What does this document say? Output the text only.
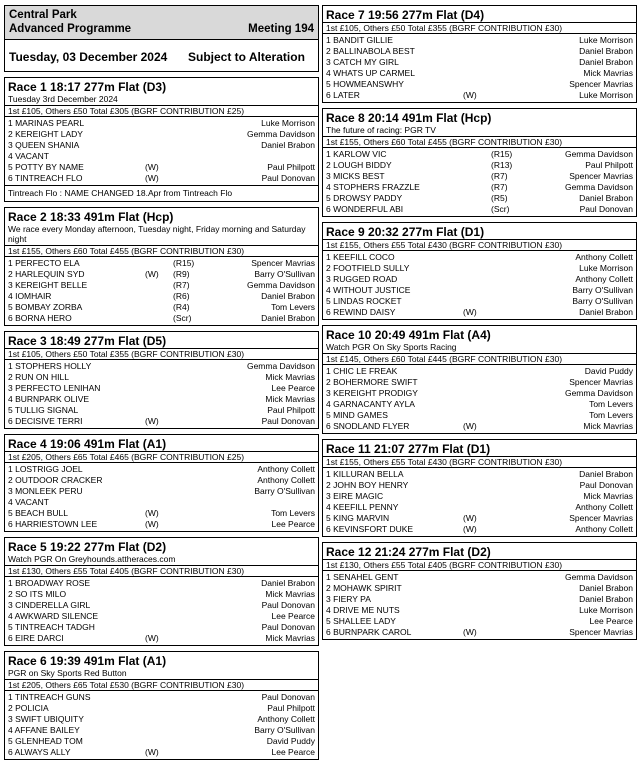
Central Park
Advanced Programme	Meeting 194
Tuesday, 03 December 2024 Subject to Alteration
Race 1 18:17 277m Flat (D3)
Tuesday 3rd December 2024
1st £105, Others £50 Total £305 (BGRF CONTRIBUTION £25)
1 MARINAS PEARL	Luke Morrison
2 KEREIGHT LADY	Gemma Davidson
3 QUEEN SHANIA	Daniel Brabon
4 VACANT
5 POTTY BY NAME	(W)	Paul Philpott
6 TINTREACH FLO	(W)	Paul Donovan
Tintreach Flo : NAME CHANGED 18.Apr from Tintreach Flo
Race 2 18:33 491m Flat (Hcp)
We race every Monday afternoon, Tuesday night, Friday morning and Saturday night
1st £155, Others £60 Total £455 (BGRF CONTRIBUTION £30)
1 PERFECTO ELA	(R15)	Spencer Mavrias
2 HARLEQUIN SYD	(W) (R9)	Barry O'Sullivan
3 KEREIGHT BELLE	(R7)	Gemma Davidson
4 IOMHAIR	(R6)	Daniel Brabon
5 BOMBAY ZORBA	(R4)	Tom Levers
6 BORNA HERO	(Scr)	Daniel Brabon
Race 3 18:49 277m Flat (D5)
1st £105, Others £50 Total £355 (BGRF CONTRIBUTION £30)
1 STOPHERS HOLLY	Gemma Davidson
2 RUN ON HILL	Mick Mavrias
3 PERFECTO LENIHAN	Lee Pearce
4 BURNPARK OLIVE	Mick Mavrias
5 TULLIG SIGNAL	Paul Philpott
6 DECISIVE TERRI	(W)	Paul Donovan
Race 4 19:06 491m Flat (A1)
1st £205, Others £65 Total £465 (BGRF CONTRIBUTION £25)
1 LOSTRIGG JOEL	Anthony Collett
2 OUTDOOR CRACKER	Anthony Collett
3 MONLEEK PERU	Barry O'Sullivan
4 VACANT
5 BEACH BULL	(W)	Tom Levers
6 HARRIESTOWN LEE	(W)	Lee Pearce
Race 5 19:22 277m Flat (D2)
Watch PGR On Greyhounds.attheraces.com
1st £130, Others £55 Total £405 (BGRF CONTRIBUTION £30)
1 BROADWAY ROSE	Daniel Brabon
2 SO ITS MILO	Mick Mavrias
3 CINDERELLA GIRL	Paul Donovan
4 AWKWARD SILENCE	Lee Pearce
5 TINTREACH TADGH	Paul Donovan
6 EIRE DARCI	(W)	Mick Mavrias
Race 6 19:39 491m Flat (A1)
PGR on Sky Sports Red Button
1st £205, Others £65 Total £530 (BGRF CONTRIBUTION £30)
1 TINTREACH GUNS	Paul Donovan
2 POLICIA	Paul Philpott
3 SWIFT UBIQUITY	Anthony Collett
4 AFFANE BAILEY	Barry O'Sullivan
5 GLENHEAD TOM	David Puddy
6 ALWAYS ALLY	(W)	Lee Pearce
Race 7 19:56 277m Flat (D4)
1st £105, Others £50 Total £355 (BGRF CONTRIBUTION £30)
1 BANDIT GILLIE	Luke Morrison
2 BALLINABOLA BEST	Daniel Brabon
3 CATCH MY GIRL	Daniel Brabon
4 WHATS UP CARMEL	Mick Mavrias
5 HOWMEANSWHY	Spencer Mavrias
6 LATER	(W)	Luke Morrison
Race 8 20:14 491m Flat (Hcp)
The future of racing: PGR TV
1st £155, Others £60 Total £455 (BGRF CONTRIBUTION £30)
1 KARLOW VIC	(R15)	Gemma Davidson
2 LOUGH BIDDY	(R13)	Paul Philpott
3 MICKS BEST	(R7)	Spencer Mavrias
4 STOPHERS FRAZZLE	(R7)	Gemma Davidson
5 DROWSY PADDY	(R5)	Daniel Brabon
6 WONDERFUL ABI	(Scr)	Paul Donovan
Race 9 20:32 277m Flat (D1)
1st £155, Others £55 Total £430 (BGRF CONTRIBUTION £30)
1 KEEFILL COCO	Anthony Collett
2 FOOTFIELD SULLY	Luke Morrison
3 RUGGED ROAD	Anthony Collett
4 WITHOUT JUSTICE	Barry O'Sullivan
5 LINDAS ROCKET	Barry O'Sullivan
6 REWIND DAISY	(W)	Daniel Brabon
Race 10 20:49 491m Flat (A4)
Watch PGR On Sky Sports Racing
1st £145, Others £60 Total £445 (BGRF CONTRIBUTION £30)
1 CHIC LE FREAK	David Puddy
2 BOHERMORE SWIFT	Spencer Mavrias
3 KEREIGHT PRODIGY	Gemma Davidson
4 GARNACANTY AYLA	Tom Levers
5 MIND GAMES	Tom Levers
6 SNODLAND FLYER	(W)	Mick Mavrias
Race 11 21:07 277m Flat (D1)
1st £155, Others £55 Total £430 (BGRF CONTRIBUTION £30)
1 KILLURAN BELLA	Daniel Brabon
2 JOHN BOY HENRY	Paul Donovan
3 EIRE MAGIC	Mick Mavrias
4 KEEFILL PENNY	Anthony Collett
5 KING MARVIN	(W)	Spencer Mavrias
6 KEVINSFORT DUKE	(W)	Anthony Collett
Race 12 21:24 277m Flat (D2)
1st £130, Others £55 Total £405 (BGRF CONTRIBUTION £30)
1 SENAHEL GENT	Gemma Davidson
2 MOHAWK SPIRIT	Daniel Brabon
3 FIERY PA	Daniel Brabon
4 DRIVE ME NUTS	Luke Morrison
5 SHALLEE LADY	Lee Pearce
6 BURNPARK CAROL	(W)	Spencer Mavrias
